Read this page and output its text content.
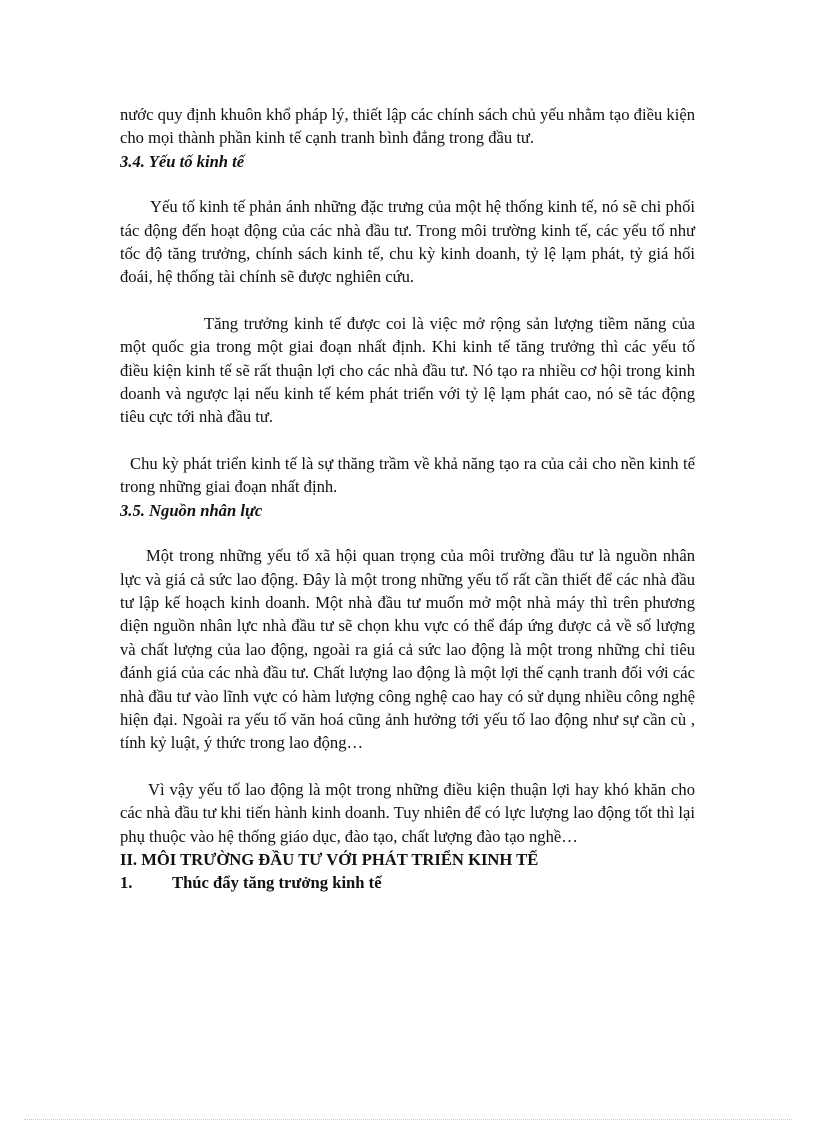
nước quy định khuôn khổ pháp lý, thiết lập các chính sách chủ yếu nhằm tạo điều kiện cho mọi thành phần kinh tế cạnh tranh bình đẳng trong đầu tư.

3.4. Yếu tố kinh tế

Yếu tố kinh tế phản ánh những đặc trưng của một hệ thống kinh tế, nó sẽ chi phối tác động đến hoạt động của các nhà đầu tư. Trong môi trường kinh tế, các yếu tố như tốc độ tăng trưởng, chính sách kinh tế, chu kỳ kinh doanh, tỷ lệ lạm phát, tỷ giá hối đoái, hệ thống tài chính sẽ được nghiên cứu.

Tăng trưởng kinh tế được coi là việc mở rộng sản lượng tiềm năng của một quốc gia trong một giai đoạn nhất định. Khi kinh tế tăng trưởng thì các yếu tố điều kiện kinh tế sẽ rất thuận lợi cho các nhà đầu tư. Nó tạo ra nhiều cơ hội trong kinh doanh và ngược lại nếu kinh tế kém phát triển với tỷ lệ lạm phát cao, nó sẽ tác động tiêu cực tới nhà đầu tư.

Chu kỳ phát triển kinh tế là sự thăng trầm về khả năng tạo ra của cải cho nền kinh tế trong những giai đoạn nhất định.

3.5. Nguồn nhân lực

Một trong những yếu tố xã hội quan trọng của môi trường đầu tư là nguồn nhân lực và giá cả sức lao động. Đây là một trong những yếu tố rất cần thiết để các nhà đầu tư lập kế hoạch kinh doanh. Một nhà đầu tư muốn mở một nhà máy thì trên phương diện nguồn nhân lực nhà đầu tư sẽ chọn khu vực có thể đáp ứng được cả về số lượng và chất lượng của lao động, ngoài ra giá cả sức lao động là một trong những chỉ tiêu đánh giá của các nhà đầu tư. Chất lượng lao động là một lợi thế cạnh tranh đối với các nhà đầu tư vào lĩnh vực có hàm lượng công nghệ cao hay có sử dụng nhiều công nghệ hiện đại. Ngoài ra yếu tố văn hoá cũng ảnh hưởng tới yếu tố lao động như sự cần cù , tính kỷ luật, ý thức trong lao động…

Vì vậy yếu tố lao động là một trong những điều kiện thuận lợi hay khó khăn cho các nhà đầu tư khi tiến hành kinh doanh. Tuy nhiên để có lực lượng lao động tốt thì lại phụ thuộc vào hệ thống giáo dục, đào tạo, chất lượng đào tạo nghề…

II. MÔI TRƯỜNG ĐẦU TƯ VỚI PHÁT TRIỂN KINH TẾ
1.	Thúc đẩy tăng trưởng kinh tế
